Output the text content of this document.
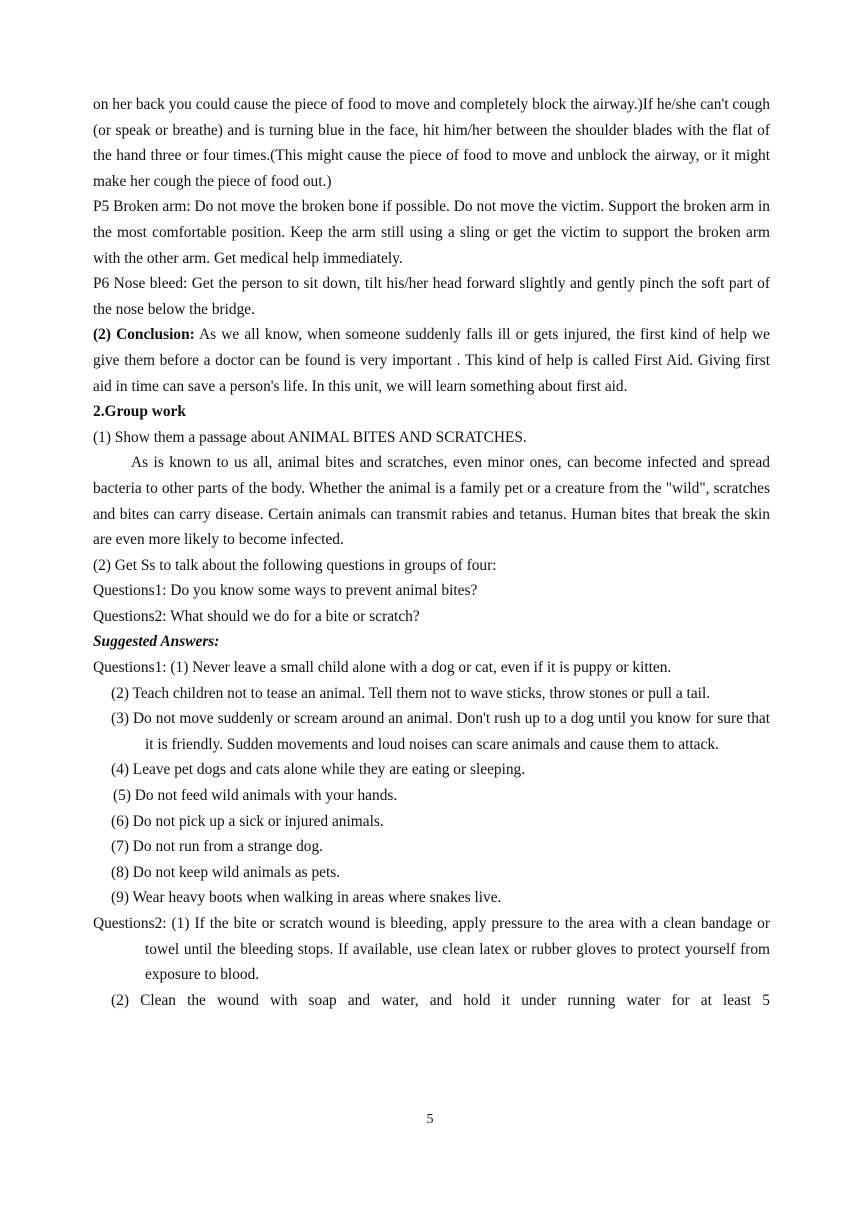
on her back you could cause the piece of food to move and completely block the airway.)If he/she can't cough (or speak or breathe) and is turning blue in the face, hit him/her between the shoulder blades with the flat of the hand three or four times.(This might cause the piece of food to move and unblock the airway, or it might make her cough the piece of food out.)

P5 Broken arm: Do not move the broken bone if possible. Do not move the victim. Support the broken arm in the most comfortable position. Keep the arm still using a sling or get the victim to support the broken arm with the other arm. Get medical help immediately.

P6 Nose bleed: Get the person to sit down, tilt his/her head forward slightly and gently pinch the soft part of the nose below the bridge.

(2) Conclusion: As we all know, when someone suddenly falls ill or gets injured, the first kind of help we give them before a doctor can be found is very important . This kind of help is called First Aid. Giving first aid in time can save a person's life. In this unit, we will learn something about first aid.

2.Group work

(1) Show them a passage about ANIMAL BITES AND SCRATCHES.

As is known to us all, animal bites and scratches, even minor ones, can become infected and spread bacteria to other parts of the body. Whether the animal is a family pet or a creature from the "wild", scratches and bites can carry disease. Certain animals can transmit rabies and tetanus. Human bites that break the skin are even more likely to become infected.

(2) Get Ss to talk about the following questions in groups of four:

Questions1: Do you know some ways to prevent animal bites?

Questions2: What should we do for a bite or scratch?

Suggested Answers:

Questions1: (1) Never leave a small child alone with a dog or cat, even if it is puppy or kitten.

(2) Teach children not to tease an animal. Tell them not to wave sticks, throw stones or pull a tail.

(3) Do not move suddenly or scream around an animal. Don't rush up to a dog until you know for sure that it is friendly. Sudden movements and loud noises can scare animals and cause them to attack.

(4) Leave pet dogs and cats alone while they are eating or sleeping.

(5) Do not feed wild animals with your hands.

(6) Do not pick up a sick or injured animals.

(7) Do not run from a strange dog.

(8) Do not keep wild animals as pets.

(9) Wear heavy boots when walking in areas where snakes live.

Questions2: (1) If the bite or scratch wound is bleeding, apply pressure to the area with a clean bandage or towel until the bleeding stops. If available, use clean latex or rubber gloves to protect yourself from exposure to blood.

(2) Clean the wound with soap and water, and hold it under running water for at least 5

5
